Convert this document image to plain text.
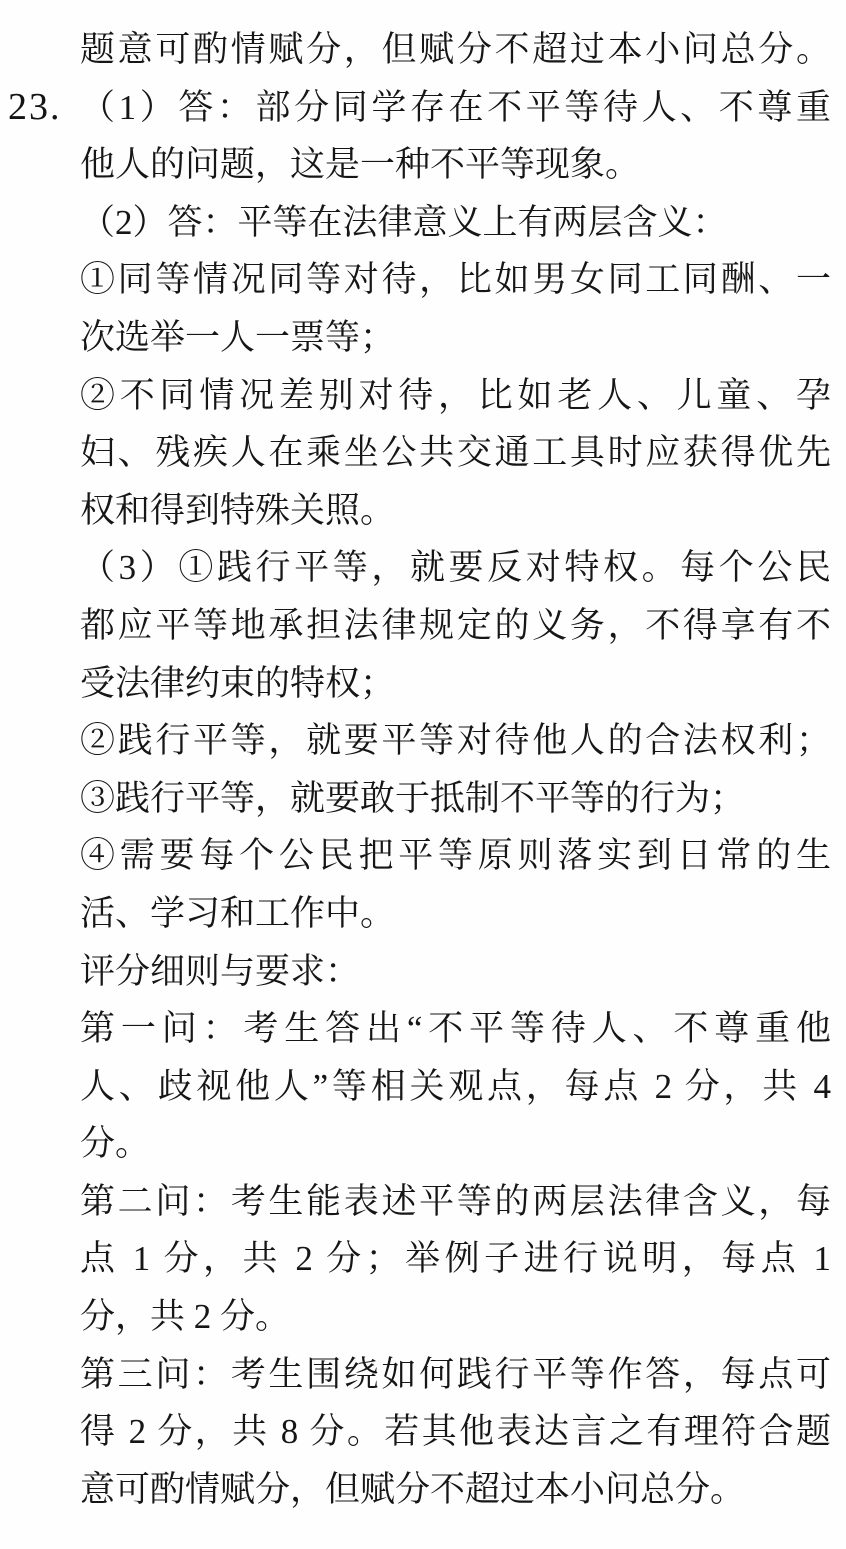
题意可酌情赋分，但赋分不超过本小问总分。
23. （1）答：部分同学存在不平等待人、不尊重
他人的问题，这是一种不平等现象。
（2）答：平等在法律意义上有两层含义：
①同等情况同等对待，比如男女同工同酬、一
次选举一人一票等；
②不同情况差别对待，比如老人、儿童、孕
妇、残疾人在乘坐公共交通工具时应获得优先
权和得到特殊关照。
（3）①践行平等，就要反对特权。每个公民
都应平等地承担法律规定的义务，不得享有不
受法律约束的特权；
②践行平等，就要平等对待他人的合法权利；
③践行平等，就要敢于抵制不平等的行为；
④需要每个公民把平等原则落实到日常的生
活、学习和工作中。
评分细则与要求：
第一问：考生答出“不平等待人、不尊重他
人、歧视他人”等相关观点，每点 2 分，共 4
分。
第二问：考生能表述平等的两层法律含义，每
点 1 分，共 2 分；举例子进行说明，每点 1
分，共 2 分。
第三问：考生围绕如何践行平等作答，每点可
得 2 分，共 8 分。若其他表达言之有理符合题
意可酌情赋分，但赋分不超过本小问总分。
